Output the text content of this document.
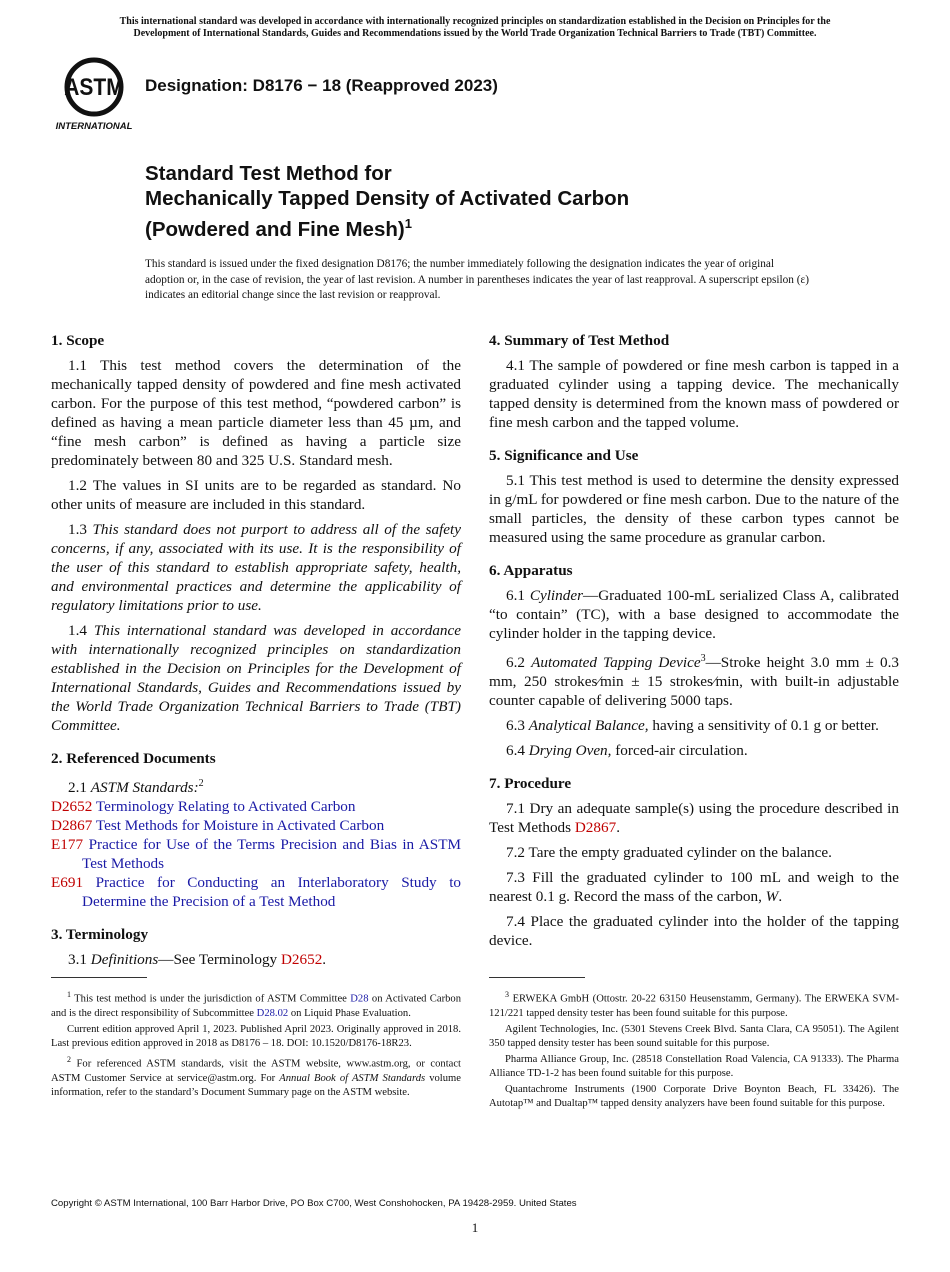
This international standard was developed in accordance with internationally recognized principles on standardization established in the Decision on Principles for the
Development of International Standards, Guides and Recommendations issued by the World Trade Organization Technical Barriers to Trade (TBT) Committee.
ASTM
INTERNATIONAL
Designation: D8176 − 18 (Reapproved 2023)
Standard Test Method for
Mechanically Tapped Density of Activated Carbon
(Powdered and Fine Mesh)$^1$
This standard is issued under the fixed designation D8176; the number immediately following the designation indicates the year of original adoption or, in the case of revision, the year of last revision. A number in parentheses indicates the year of last reapproval. A superscript epsilon (ε) indicates an editorial change since the last revision or reapproval.
1. Scope

1.1 This test method covers the determination of the mechanically tapped density of powdered and fine mesh activated carbon. For the purpose of this test method, “powdered carbon” is defined as having a mean particle diameter less than 45 µm, and “fine mesh carbon” is defined as having a particle size predominately between 80 and 325 U.S. Standard mesh.

1.2 The values in SI units are to be regarded as standard. No other units of measure are included in this standard.

1.3 This standard does not purport to address all of the safety concerns, if any, associated with its use. It is the responsibility of the user of this standard to establish appropriate safety, health, and environmental practices and determine the applicability of regulatory limitations prior to use.

1.4 This international standard was developed in accordance with internationally recognized principles on standardization established in the Decision on Principles for the Development of International Standards, Guides and Recommendations issued by the World Trade Organization Technical Barriers to Trade (TBT) Committee.

2. Referenced Documents
2.1 ASTM Standards:$^2$
D2652 Terminology Relating to Activated Carbon
D2867 Test Methods for Moisture in Activated Carbon
E177 Practice for Use of the Terms Precision and Bias in ASTM Test Methods
E691 Practice for Conducting an Interlaboratory Study to Determine the Precision of a Test Method
3. Terminology

3.1 Definitions—See Terminology D2652.

4. Summary of Test Method

4.1 The sample of powdered or fine mesh carbon is tapped in a graduated cylinder using a tapping device. The mechanically tapped density is determined from the known mass of powdered or fine mesh carbon and the tapped volume.

5. Significance and Use

5.1 This test method is used to determine the density expressed in g/mL for powdered or fine mesh carbon. Due to the nature of the small particles, the density of these carbon types cannot be measured using the same procedure as granular carbon.

6. Apparatus

6.1 Cylinder—Graduated 100-mL serialized Class A, calibrated “to contain” (TC), with a base designed to accommodate the cylinder holder in the tapping device.

6.2 Automated Tapping Device$^3$—Stroke height 3.0 mm ± 0.3 mm, 250 strokes⁄min ± 15 strokes⁄min, with built-in adjustable counter capable of delivering 5000 taps.

6.3 Analytical Balance, having a sensitivity of 0.1 g or better.

6.4 Drying Oven, forced-air circulation.

7. Procedure

7.1 Dry an adequate sample(s) using the procedure described in Test Methods D2867.

7.2 Tare the empty graduated cylinder on the balance.

7.3 Fill the graduated cylinder to 100 mL and weigh to the nearest 0.1 g. Record the mass of the carbon, W.

7.4 Place the graduated cylinder into the holder of the tapping device.

$^1$ This test method is under the jurisdiction of ASTM Committee D28 on Activated Carbon and is the direct responsibility of Subcommittee D28.02 on Liquid Phase Evaluation.

Current edition approved April 1, 2023. Published April 2023. Originally approved in 2018. Last previous edition approved in 2018 as D8176 – 18. DOI: 10.1520/D8176-18R23.

$^2$ For referenced ASTM standards, visit the ASTM website, www.astm.org, or contact ASTM Customer Service at service@astm.org. For Annual Book of ASTM Standards volume information, refer to the standard’s Document Summary page on the ASTM website.

$^3$ ERWEKA GmbH (Ottostr. 20-22 63150 Heusenstamm, Germany). The ERWEKA SVM-121/221 tapped density tester has been found suitable for this purpose.

Agilent Technologies, Inc. (5301 Stevens Creek Blvd. Santa Clara, CA 95051). The Agilent 350 tapped density tester has been sound suitable for this purpose.

Pharma Alliance Group, Inc. (28518 Constellation Road Valencia, CA 91333). The Pharma Alliance TD-1-2 has been found suitable for this purpose.

Quantachrome Instruments (1900 Corporate Drive Boynton Beach, FL 33426). The Autotap™ and Dualtap™ tapped density analyzers have been found suitable for this purpose.

Copyright © ASTM International, 100 Barr Harbor Drive, PO Box C700, West Conshohocken, PA 19428-2959. United States
1
